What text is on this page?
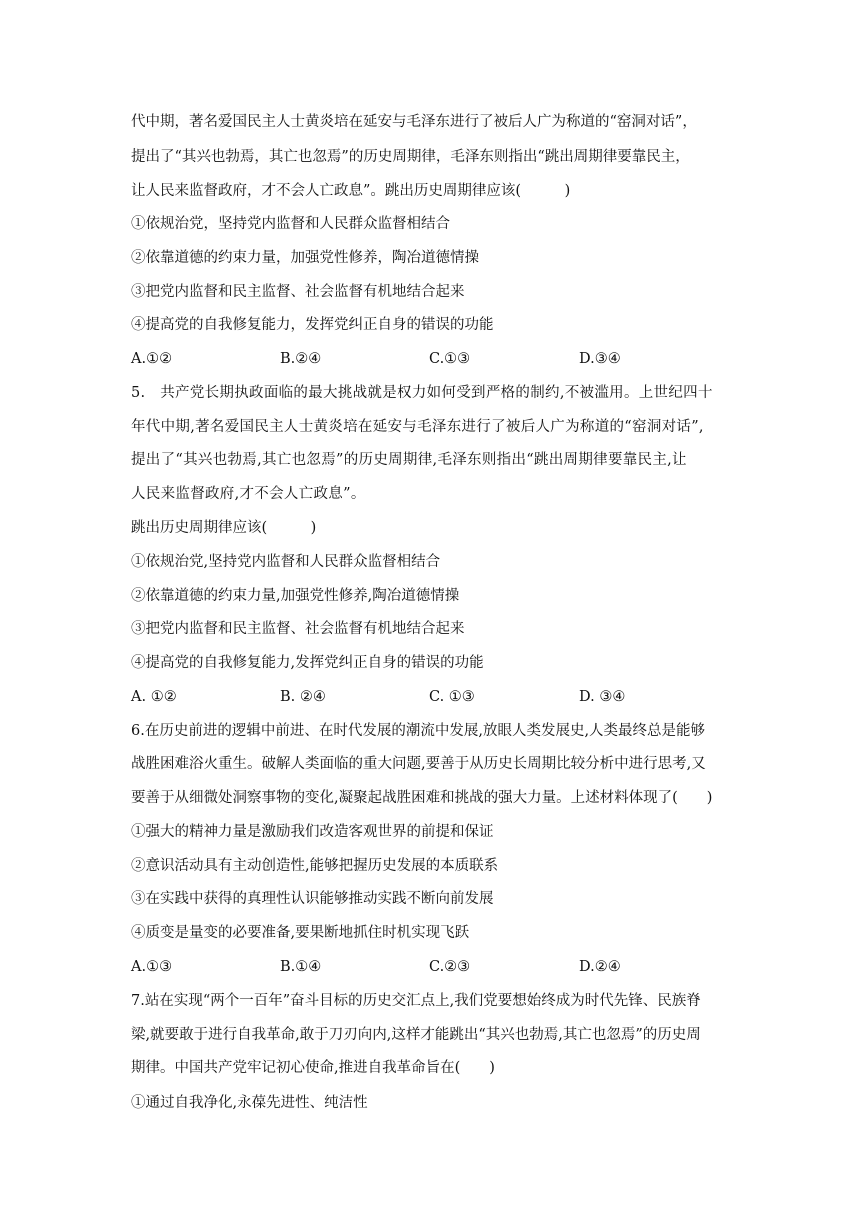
代中期，著名爱国民主人士黄炎培在延安与毛泽东进行了被后人广为称道的“窑洞对话”，
提出了“其兴也勃焉，其亡也忽焉”的历史周期律，毛泽东则指出“跳出周期律要靠民主，
让人民来监督政府，才不会人亡政息”。跳出历史周期律应该(　　　)
①依规治党，坚持党内监督和人民群众监督相结合
②依靠道德的约束力量，加强党性修养，陶冶道德情操
③把党内监督和民主监督、社会监督有机地结合起来
④提高党的自我修复能力，发挥党纠正自身的错误的功能
A.①②	B.②④	C.①③	D.③④
5.　共产党长期执政面临的最大挑战就是权力如何受到严格的制约,不被滥用。上世纪四十
年代中期,著名爱国民主人士黄炎培在延安与毛泽东进行了被后人广为称道的“窑洞对话”,
提出了“其兴也勃焉,其亡也忽焉”的历史周期律,毛泽东则指出“跳出周期律要靠民主,让
人民来监督政府,才不会人亡政息”。
跳出历史周期律应该(　　　)
①依规治党,坚持党内监督和人民群众监督相结合
②依靠道德的约束力量,加强党性修养,陶冶道德情操
③把党内监督和民主监督、社会监督有机地结合起来
④提高党的自我修复能力,发挥党纠正自身的错误的功能
A. ①②	B. ②④	C. ①③	D. ③④
6.在历史前进的逻辑中前进、在时代发展的潮流中发展,放眼人类发展史,人类最终总是能够
战胜困难浴火重生。破解人类面临的重大问题,要善于从历史长周期比较分析中进行思考,又
要善于从细微处洞察事物的变化,凝聚起战胜困难和挑战的强大力量。上述材料体现了(　　)
①强大的精神力量是激励我们改造客观世界的前提和保证
②意识活动具有主动创造性,能够把握历史发展的本质联系
③在实践中获得的真理性认识能够推动实践不断向前发展
④质变是量变的必要准备,要果断地抓住时机实现飞跃
A.①③	B.①④	C.②③	D.②④
7.站在实现“两个一百年”奋斗目标的历史交汇点上,我们党要想始终成为时代先锋、民族脊
梁,就要敢于进行自我革命,敢于刀刃向内,这样才能跳出“其兴也勃焉,其亡也忽焉”的历史周
期律。中国共产党牢记初心使命,推进自我革命旨在(　　)
①通过自我净化,永葆先进性、纯洁性
